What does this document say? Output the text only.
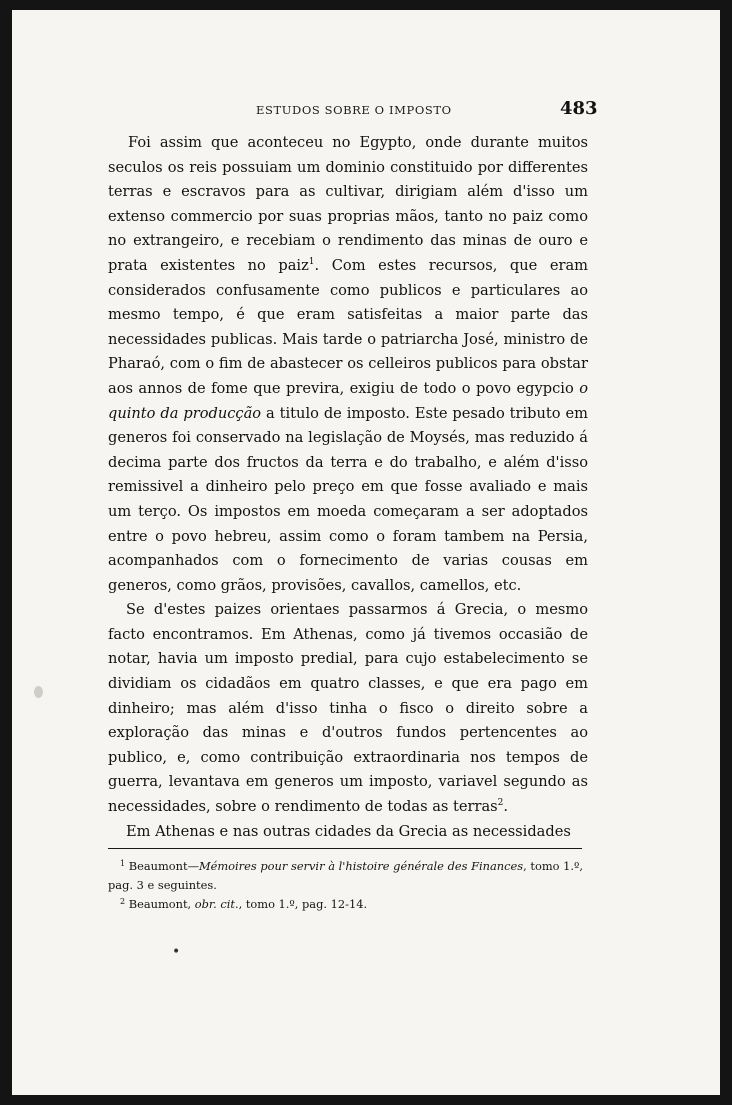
ESTUDOS SOBRE O IMPOSTO	483

Foi assim que aconteceu no Egypto, onde durante muitos seculos os reis possuiam um dominio constituido por differentes terras e escravos para as cultivar, dirigiam além d'isso um extenso commercio por suas proprias mãos, tanto no paiz como no extrangeiro, e recebiam o rendimento das minas de ouro e prata existentes no paiz$^1$. Com estes recursos, que eram considerados confusamente como publicos e particulares ao mesmo tempo, é que eram satisfeitas a maior parte das necessidades publicas. Mais tarde o patriarcha José, ministro de Pharaó, com o fim de abastecer os celleiros publicos para obstar aos annos de fome que previra, exigiu de todo o povo egypcio o quinto da producção a titulo de imposto. Este pesado tributo em generos foi conservado na legislação de Moysés, mas reduzido á decima parte dos fructos da terra e do trabalho, e além d'isso remissivel a dinheiro pelo preço em que fosse avaliado e mais um terço. Os impostos em moeda começaram a ser adoptados entre o povo hebreu, assim como o foram tambem na Persia, acompanhados com o fornecimento de varias cousas em generos, como grãos, provisões, cavallos, camellos, etc.

Se d'estes paizes orientaes passarmos á Grecia, o mesmo facto encontramos. Em Athenas, como já tivemos occasião de notar, havia um imposto predial, para cujo estabelecimento se dividiam os cidadãos em quatro classes, e que era pago em dinheiro; mas além d'isso tinha o fisco o direito sobre a exploração das minas e d'outros fundos pertencentes ao publico, e, como contribuição extraordinaria nos tempos de guerra, levantava em generos um imposto, variavel segundo as necessidades, sobre o rendimento de todas as terras$^2$.

Em Athenas e nas outras cidades da Grecia as necessidades

$^1$ Beaumont—Mémoires pour servir à l'histoire générale des Finances, tomo 1.º, pag. 3 e seguintes.

$^2$ Beaumont, obr. cit., tomo 1.º, pag. 12-14.

•
